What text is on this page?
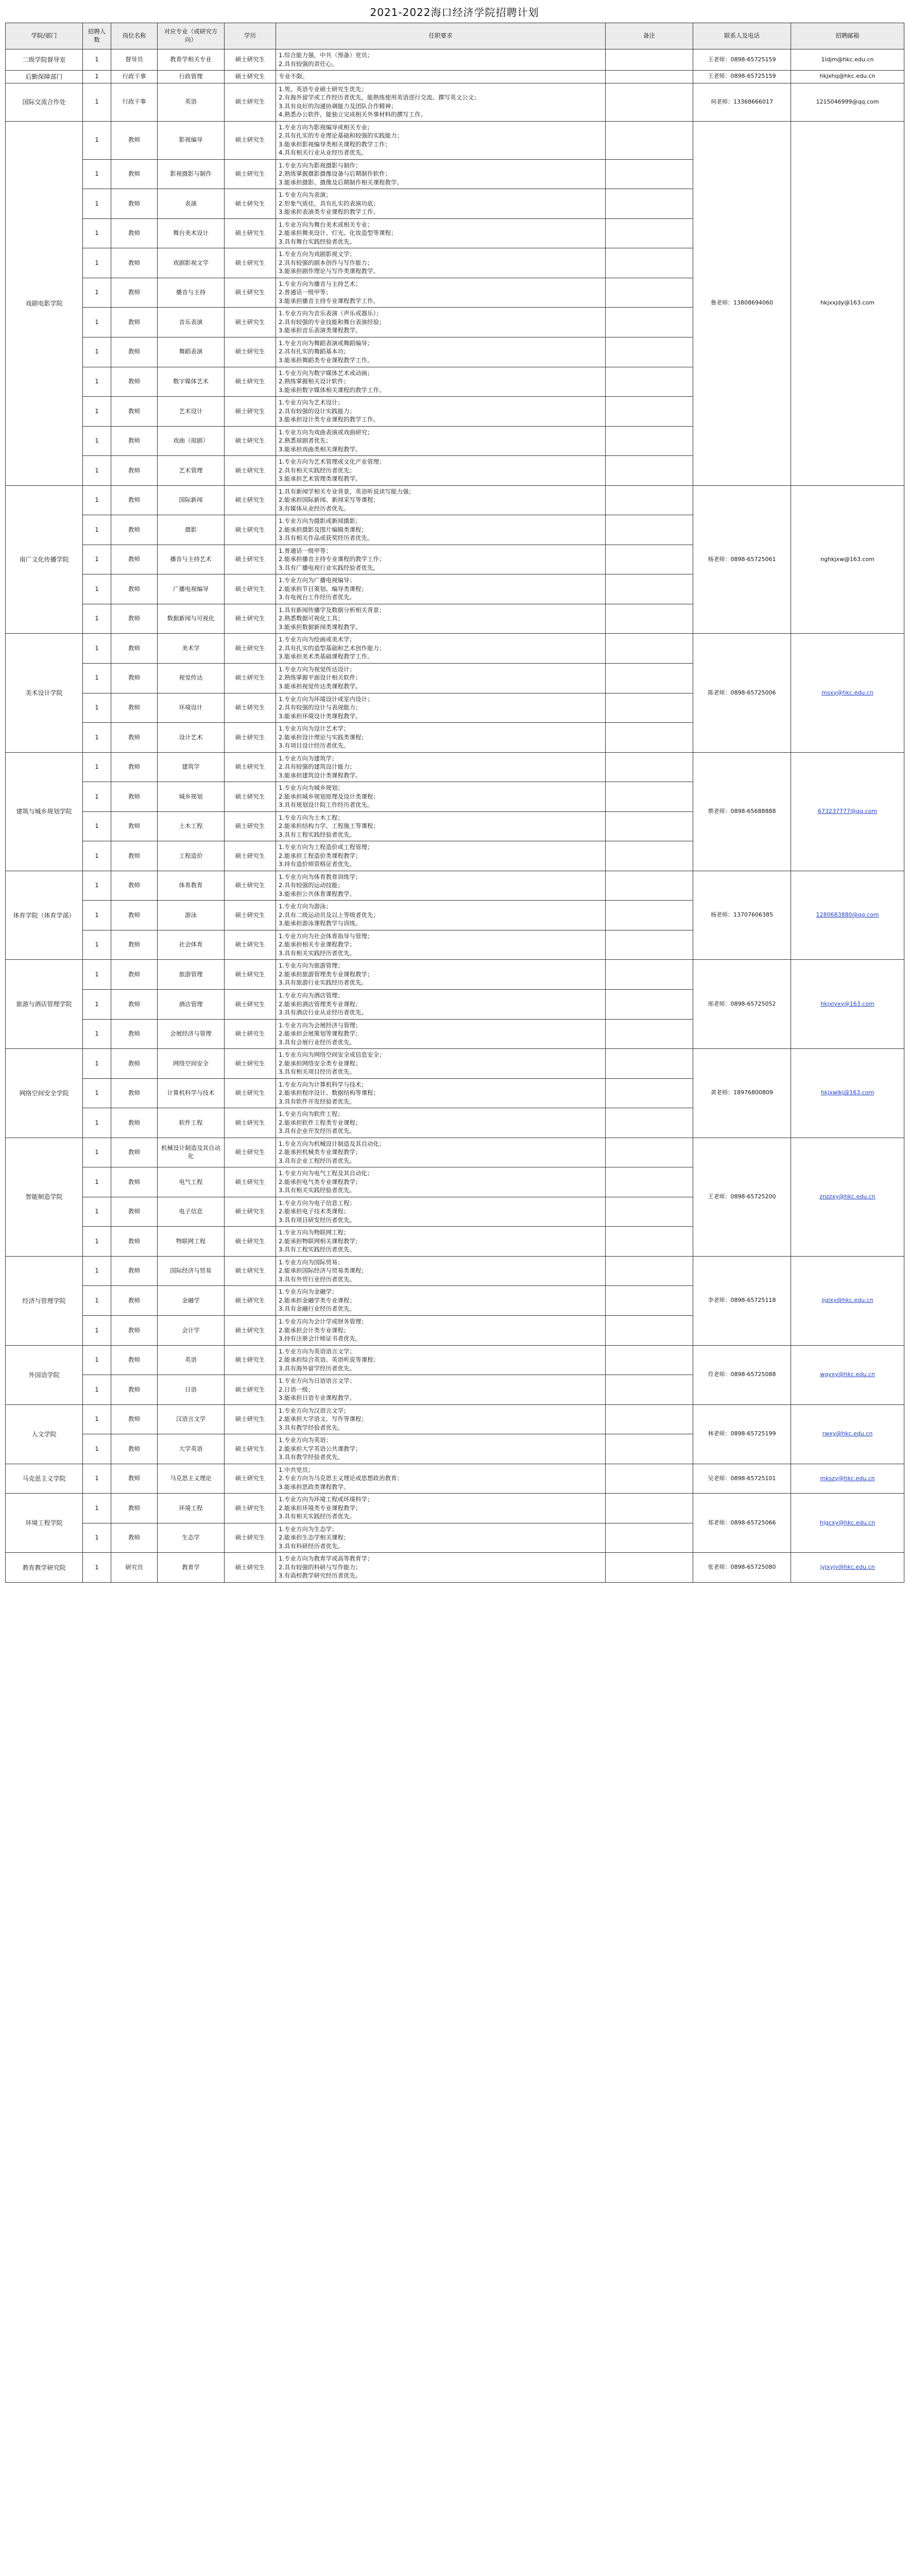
2021-2022海口经济学院招聘计划
学院/部门	招聘人数	岗位名称	对应专业（或研究方向）	学历	任职要求	备注	联系人及电话	招聘邮箱
二级学院督导室	1	督导员	教育学相关专业	硕士研究生	1.综合能力强，中共（预备）党员；
2.具有较强的责任心。		王老师：0898-65725159	1ldjm@hkc.edu.cn
后勤保障部门	1	行政干事	行政管理	硕士研究生	专业不限。		王老师：0898-65725159	hkjxhq@hkc.edu.cn
国际交流合作处	1	行政干事	英语	硕士研究生	1.男，英语专业硕士研究生优先；
2.有海外留学或工作经历者优先，能熟练使用英语进行交流、撰写英文公文；
3.具有良好的沟通协调能力及团队合作精神；
4.熟悉办公软件，能独立完成相关外事材料的撰写工作。		何老师：13368666017	1215046999@qq.com
戏剧电影学院	1	教师	影视编导	硕士研究生	1.专业方向为影视编导或相关专业；
2.具有扎实的专业理论基础和较强的实践能力；
3.能承担影视编导类相关课程的教学工作；
4.具有相关行业从业经历者优先。		鲁老师：13808694060	hkjxxjdy@163.com
	1	教师	影视摄影与制作	硕士研究生	1.专业方向为影视摄影与制作；
2.熟练掌握摄影摄像设备与后期制作软件；
3.能承担摄影、摄像及后期制作相关课程教学。			

	1	教师	表演	硕士研究生	1.专业方向为表演；
2.形象气质佳，具有扎实的表演功底；
3.能承担表演类专业课程的教学工作。			

	1	教师	舞台美术设计	硕士研究生	1.专业方向为舞台美术或相关专业；
2.能承担舞美设计、灯光、化妆造型等课程；
3.具有舞台实践经验者优先。			

	1	教师	戏剧影视文学	硕士研究生	1.专业方向为戏剧影视文学；
2.具有较强的剧本创作与写作能力；
3.能承担剧作理论与写作类课程教学。			

	1	教师	播音与主持	硕士研究生	1.专业方向为播音与主持艺术；
2.普通话一级甲等；
3.能承担播音主持专业课程教学工作。			

	1	教师	音乐表演	硕士研究生	1.专业方向为音乐表演（声乐或器乐）；
2.具有较强的专业技能和舞台表演经验；
3.能承担音乐表演类课程教学。			

	1	教师	舞蹈表演	硕士研究生	1.专业方向为舞蹈表演或舞蹈编导；
2.具有扎实的舞蹈基本功；
3.能承担舞蹈类专业课程教学工作。			

	1	教师	数字媒体艺术	硕士研究生	1.专业方向为数字媒体艺术或动画；
2.熟练掌握相关设计软件；
3.能承担数字媒体相关课程的教学工作。			

	1	教师	艺术设计	硕士研究生	1.专业方向为艺术设计；
2.具有较强的设计实践能力；
3.能承担设计类专业课程的教学工作。			

	1	教师	戏曲（琼剧）	硕士研究生	1.专业方向为戏曲表演或戏曲研究；
2.熟悉琼剧者优先；
3.能承担戏曲类相关课程教学。			

	1	教师	艺术管理	硕士研究生	1.专业方向为艺术管理或文化产业管理；
2.具有相关实践经历者优先；
3.能承担艺术管理类课程教学。			

南广文化传播学院	1	教师	国际新闻	硕士研究生	1.具有新闻学相关专业背景，英语听说读写能力强；
2.能承担国际新闻、新闻采写等课程；
3.有媒体从业经历者优先。		杨老师：0898-65725061	nghkjxw@163.com
	1	教师	摄影	硕士研究生	1.专业方向为摄影或新闻摄影；
2.能承担摄影及图片编辑类课程；
3.具有相关作品或获奖经历者优先。			

	1	教师	播音与主持艺术	硕士研究生	1.普通话一级甲等；
2.能承担播音主持专业课程的教学工作；
3.具有广播电视行业实践经验者优先。			

	1	教师	广播电视编导	硕士研究生	1.专业方向为广播电视编导；
2.能承担节目策划、编导类课程；
3.有电视台工作经历者优先。			

	1	教师	数据新闻与可视化	硕士研究生	1.具有新闻传播学及数据分析相关背景；
2.熟悉数据可视化工具；
3.能承担数据新闻类课程教学。			

美术设计学院	1	教师	美术学	硕士研究生	1.专业方向为绘画或美术学；
2.具有扎实的造型基础和艺术创作能力；
3.能承担美术类基础课程教学工作。		陈老师：0898-65725006	msxy@hkc.edu.cn
	1	教师	视觉传达	硕士研究生	1.专业方向为视觉传达设计；
2.熟练掌握平面设计相关软件；
3.能承担视觉传达类课程教学。			

	1	教师	环境设计	硕士研究生	1.专业方向为环境设计或室内设计；
2.具有较强的设计与表现能力；
3.能承担环境设计类课程教学。			

	1	教师	设计艺术	硕士研究生	1.专业方向为设计艺术学；
2.能承担设计理论与实践类课程；
3.有项目设计经历者优先。			

建筑与城乡规划学院	1	教师	建筑学	硕士研究生	1.专业方向为建筑学；
2.具有较强的建筑设计能力；
3.能承担建筑设计类课程教学。		蔡老师：0898-65688888	673237777@qq.com
	1	教师	城乡规划	硕士研究生	1.专业方向为城乡规划；
2.能承担城乡规划原理及设计类课程；
3.具有规划设计院工作经历者优先。			

	1	教师	土木工程	硕士研究生	1.专业方向为土木工程；
2.能承担结构力学、工程施工等课程；
3.具有工程实践经验者优先。			

	1	教师	工程造价	硕士研究生	1.专业方向为工程造价或工程管理；
2.能承担工程造价类课程教学；
3.持有造价师资格证者优先。			

体育学院（体育学部）	1	教师	体育教育	硕士研究生	1.专业方向为体育教育训练学；
2.具有较强的运动技能；
3.能承担公共体育课程教学。		杨老师：13707606385	1280683880@qq.com
	1	教师	游泳	硕士研究生	1.专业方向为游泳；
2.具有二级运动员及以上等级者优先；
3.能承担游泳课程教学与训练。			

	1	教师	社会体育	硕士研究生	1.专业方向为社会体育指导与管理；
2.能承担相关专业课程教学；
3.具有相关实践经历者优先。			

旅游与酒店管理学院	1	教师	旅游管理	硕士研究生	1.专业方向为旅游管理；
2.能承担旅游管理类专业课程教学；
3.具有旅游行业实践经历者优先。		邢老师：0898-65725052	hkjxlyxy@163.com
	1	教师	酒店管理	硕士研究生	1.专业方向为酒店管理；
2.能承担酒店管理类专业课程；
3.具有酒店行业从业经历者优先。			

	1	教师	会展经济与管理	硕士研究生	1.专业方向为会展经济与管理；
2.能承担会展策划等课程教学；
3.具有会展行业经历者优先。			

网络空间安全学院	1	教师	网络空间安全	硕士研究生	1.专业方向为网络空间安全或信息安全；
2.能承担网络安全类专业课程；
3.具有相关项目经历者优先。		黄老师：18976800809	hkjxwlkj@163.com
	1	教师	计算机科学与技术	硕士研究生	1.专业方向为计算机科学与技术；
2.能承担程序设计、数据结构等课程；
3.具有软件开发经验者优先。			

	1	教师	软件工程	硕士研究生	1.专业方向为软件工程；
2.能承担软件工程类专业课程；
3.具有企业开发经历者优先。			

智能制造学院	1	教师	机械设计制造及其自动化	硕士研究生	1.专业方向为机械设计制造及其自动化；
2.能承担机械类专业课程教学；
3.具有企业工程经历者优先。		王老师：0898-65725200	znzzxy@hkc.edu.cn
	1	教师	电气工程	硕士研究生	1.专业方向为电气工程及其自动化；
2.能承担电气类专业课程教学；
3.具有相关实践经验者优先。			

	1	教师	电子信息	硕士研究生	1.专业方向为电子信息工程；
2.能承担电子技术类课程；
3.具有项目研发经历者优先。			

	1	教师	物联网工程	硕士研究生	1.专业方向为物联网工程；
2.能承担物联网相关课程教学；
3.具有工程实践经历者优先。			

经济与管理学院	1	教师	国际经济与贸易	硕士研究生	1.专业方向为国际贸易；
2.能承担国际经济与贸易类课程；
3.具有外贸行业经历者优先。		李老师：0898-65725118	jjglxy@hkc.edu.cn
	1	教师	金融学	硕士研究生	1.专业方向为金融学；
2.能承担金融学类专业课程；
3.具有金融行业经历者优先。			

	1	教师	会计学	硕士研究生	1.专业方向为会计学或财务管理；
2.能承担会计类专业课程；
3.持有注册会计师证书者优先。			

外国语学院	1	教师	英语	硕士研究生	1.专业方向为英语语言文学；
2.能承担综合英语、英语听说等课程；
3.具有海外留学经历者优先。		符老师：0898-65725088	wgyxy@hkc.edu.cn
	1	教师	日语	硕士研究生	1.专业方向为日语语言文学；
2.日语一级；
3.能承担日语专业课程教学。			

人文学院	1	教师	汉语言文学	硕士研究生	1.专业方向为汉语言文学；
2.能承担大学语文、写作等课程；
3.具有教学经验者优先。		林老师：0898-65725199	rwxy@hkc.edu.cn
	1	教师	大学英语	硕士研究生	1.专业方向为英语；
2.能承担大学英语公共课教学；
3.具有教学经验者优先。			

马克思主义学院	1	教师	马克思主义理论	硕士研究生	1.中共党员；
2.专业方向为马克思主义理论或思想政治教育；
3.能承担思政类课程教学。		吴老师：0898-65725101	mkszy@hkc.edu.cn
环境工程学院	1	教师	环境工程	硕士研究生	1.专业方向为环境工程或环境科学；
2.能承担环境类专业课程教学；
3.具有相关实践经历者优先。		郑老师：0898-65725066	hjgcxy@hkc.edu.cn
	1	教师	生态学	硕士研究生	1.专业方向为生态学；
2.能承担生态学相关课程；
3.具有科研经历者优先。			

教育教学研究院	1	研究员	教育学	硕士研究生	1.专业方向为教育学或高等教育学；
2.具有较强的科研与写作能力；
3.有高校教学研究经历者优先。		张老师：0898-65725080	jyjxyjy@hkc.edu.cn
